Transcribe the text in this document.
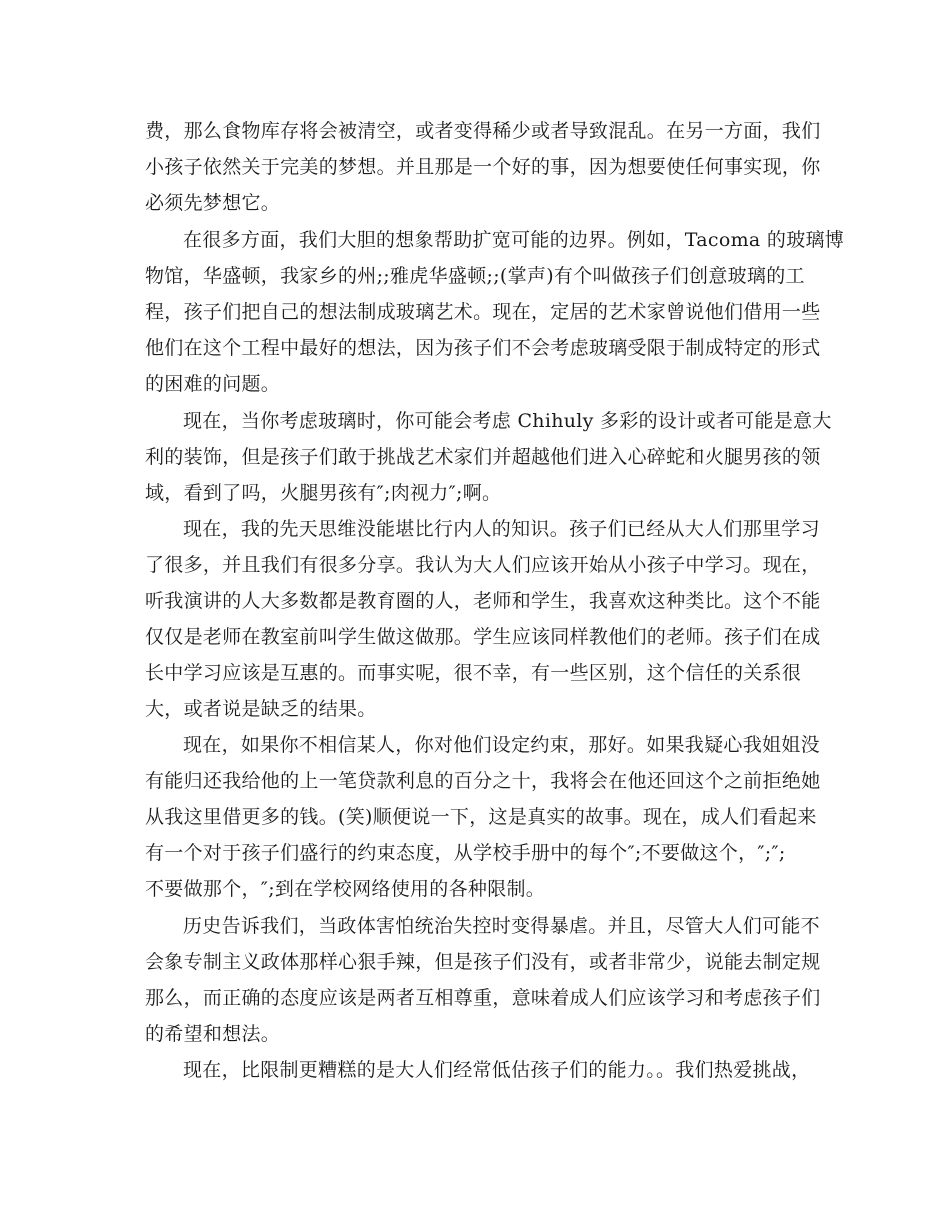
费，那么食物库存将会被清空，或者变得稀少或者导致混乱。在另一方面，我们
小孩子依然关于完美的梦想。并且那是一个好的事，因为想要使任何事实现，你
必须先梦想它。
在很多方面，我们大胆的想象帮助扩宽可能的边界。例如，Tacoma 的玻璃博
物馆，华盛顿，我家乡的州;;雅虎华盛顿;;(掌声)有个叫做孩子们创意玻璃的工
程，孩子们把自己的想法制成玻璃艺术。现在，定居的艺术家曾说他们借用一些
他们在这个工程中最好的想法，因为孩子们不会考虑玻璃受限于制成特定的形式
的困难的问题。
现在，当你考虑玻璃时，你可能会考虑 Chihuly 多彩的设计或者可能是意大
利的装饰，但是孩子们敢于挑战艺术家们并超越他们进入心碎蛇和火腿男孩的领
域，看到了吗，火腿男孩有″;肉视力″;啊。
现在，我的先天思维没能堪比行内人的知识。孩子们已经从大人们那里学习
了很多，并且我们有很多分享。我认为大人们应该开始从小孩子中学习。现在，
听我演讲的人大多数都是教育圈的人，老师和学生，我喜欢这种类比。这个不能
仅仅是老师在教室前叫学生做这做那。学生应该同样教他们的老师。孩子们在成
长中学习应该是互惠的。而事实呢，很不幸，有一些区别，这个信任的关系很
大，或者说是缺乏的结果。
现在，如果你不相信某人，你对他们设定约束，那好。如果我疑心我姐姐没
有能归还我给他的上一笔贷款利息的百分之十，我将会在他还回这个之前拒绝她
从我这里借更多的钱。(笑)顺便说一下，这是真实的故事。现在，成人们看起来
有一个对于孩子们盛行的约束态度，从学校手册中的每个″;不要做这个，″;″;
不要做那个，″;到在学校网络使用的各种限制。
历史告诉我们，当政体害怕统治失控时变得暴虐。并且，尽管大人们可能不
会象专制主义政体那样心狠手辣，但是孩子们没有，或者非常少，说能去制定规
那么，而正确的态度应该是两者互相尊重，意味着成人们应该学习和考虑孩子们
的希望和想法。
现在，比限制更糟糕的是大人们经常低估孩子们的能力。。我们热爱挑战，
